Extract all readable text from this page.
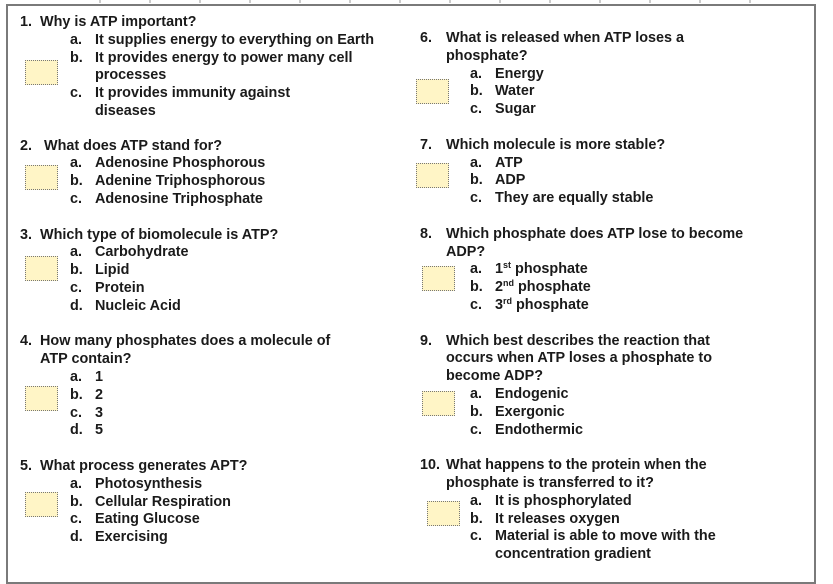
1.
Why is ATP important?
a. It supplies energy to everything on Earth
b. It provides energy to power many cell processes
c. It provides immunity against diseases
2.
What does ATP stand for?
a. Adenosine Phosphorous
b. Adenine Triphosphorous
c. Adenosine Triphosphate
3.
Which type of biomolecule is ATP?
a. Carbohydrate
b. Lipid
c. Protein
d. Nucleic Acid
4.
How many phosphates does a molecule of ATP contain?
a. 1
b. 2
c. 3
d. 5
5.
What process generates APT?
a. Photosynthesis
b. Cellular Respiration
c. Eating Glucose
d. Exercising
6. What is released when ATP loses a phosphate?
a. Energy
b. Water
c. Sugar
7. Which molecule is more stable?
a. ATP
b. ADP
c. They are equally stable
8. Which phosphate does ATP lose to become ADP?
a. 1st phosphate
b. 2nd phosphate
c. 3rd phosphate
9. Which best describes the reaction that occurs when ATP loses a phosphate to become ADP?
a. Endogenic
b. Exergonic
c. Endothermic
10. What happens to the protein when the phosphate is transferred to it?
a. It is phosphorylated
b. It releases oxygen
c. Material is able to move with the concentration gradient
